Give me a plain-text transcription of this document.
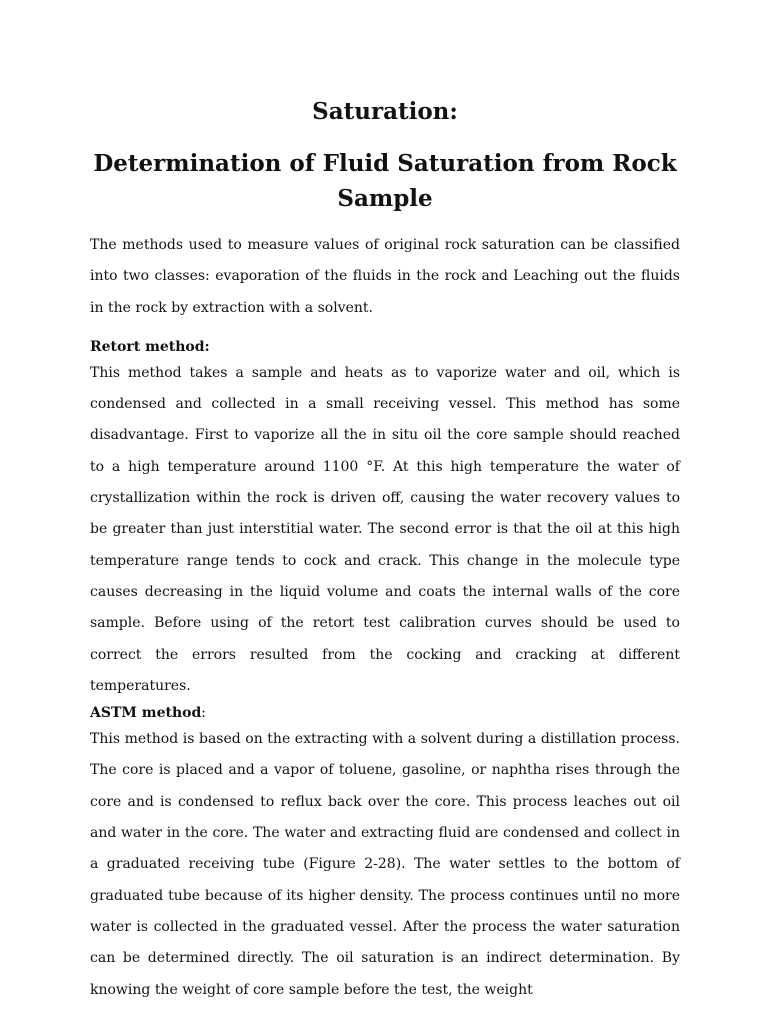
Saturation:
Determination of Fluid Saturation from Rock Sample

The methods used to measure values of original rock saturation can be classified into two classes: evaporation of the fluids in the rock and Leaching out the fluids in the rock by extraction with a solvent.

Retort method:

This method takes a sample and heats as to vaporize water and oil, which is condensed and collected in a small receiving vessel. This method has some disadvantage. First to vaporize all the in situ oil the core sample should reached to a high temperature around 1100 °F. At this high temperature the water of crystallization within the rock is driven off, causing the water recovery values to be greater than just interstitial water. The second error is that the oil at this high temperature range tends to cock and crack. This change in the molecule type causes decreasing in the liquid volume and coats the internal walls of the core sample. Before using of the retort test calibration curves should be used to correct the errors resulted from the cocking and cracking at different temperatures.

ASTM method:

This method is based on the extracting with a solvent during a distillation process. The core is placed and a vapor of toluene, gasoline, or naphtha rises through the core and is condensed to reflux back over the core. This process leaches out oil and water in the core. The water and extracting fluid are condensed and collect in a graduated receiving tube (Figure 2-28). The water settles to the bottom of graduated tube because of its higher density. The process continues until no more water is collected in the graduated vessel. After the process the water saturation can be determined directly. The oil saturation is an indirect determination. By knowing the weight of core sample before the test, the weight
